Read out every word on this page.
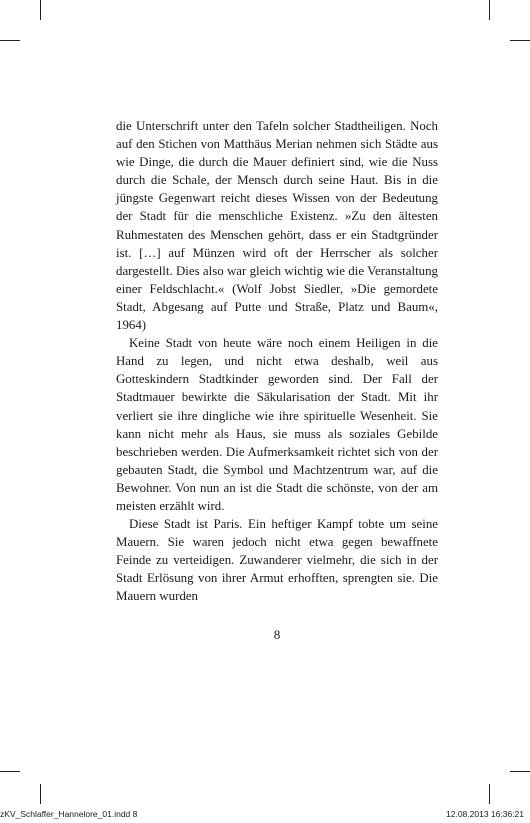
die Unterschrift unter den Tafeln solcher Stadtheiligen. Noch auf den Stichen von Matthäus Merian nehmen sich Städte aus wie Dinge, die durch die Mauer definiert sind, wie die Nuss durch die Schale, der Mensch durch seine Haut. Bis in die jüngste Gegenwart reicht dieses Wissen von der Bedeutung der Stadt für die menschliche Existenz. »Zu den ältesten Ruhmestaten des Menschen gehört, dass er ein Stadtgründer ist. […] auf Münzen wird oft der Herrscher als solcher dargestellt. Dies also war gleich wichtig wie die Veranstaltung einer Feldschlacht.« (Wolf Jobst Siedler, »Die gemordete Stadt, Abgesang auf Putte und Straße, Platz und Baum«, 1964)

Keine Stadt von heute wäre noch einem Heiligen in die Hand zu legen, und nicht etwa deshalb, weil aus Gotteskindern Stadtkinder geworden sind. Der Fall der Stadtmauer bewirkte die Säkularisation der Stadt. Mit ihr verliert sie ihre dingliche wie ihre spirituelle Wesenheit. Sie kann nicht mehr als Haus, sie muss als soziales Gebilde beschrieben werden. Die Aufmerksamkeit richtet sich von der gebauten Stadt, die Symbol und Machtzentrum war, auf die Bewohner. Von nun an ist die Stadt die schönste, von der am meisten erzählt wird.

Diese Stadt ist Paris. Ein heftiger Kampf tobte um seine Mauern. Sie waren jedoch nicht etwa gegen bewaffnete Feinde zu verteidigen. Zuwanderer vielmehr, die sich in der Stadt Erlösung von ihrer Armut erhofften, sprengten sie. Die Mauern wurden

8
zKV_Schlaffer_Hannelore_01.indd 8	12.08.2013 16:36:21
